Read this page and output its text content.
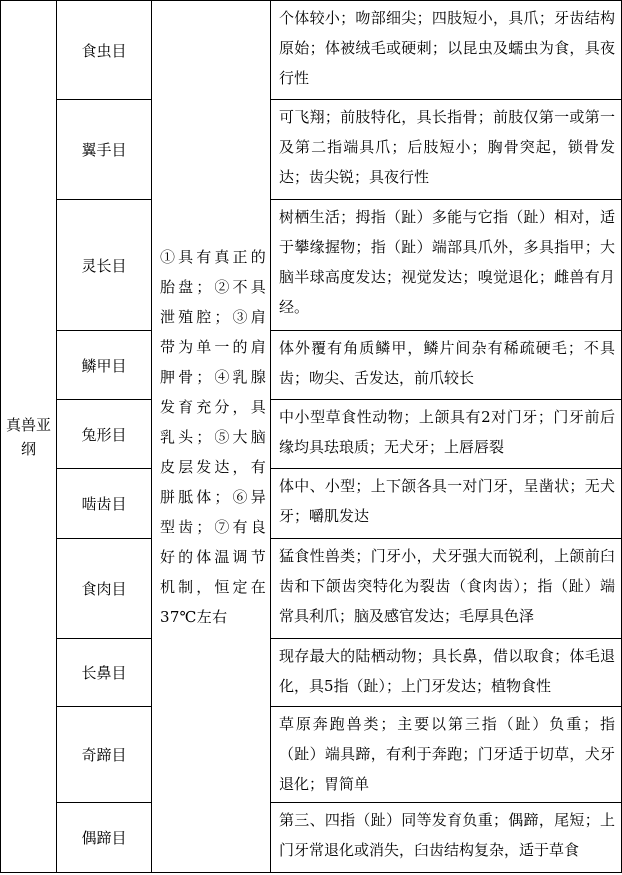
真兽亚纲	食虫目	①具有真正的胎盘；②不具泄殖腔；③肩带为单一的肩胛骨；④乳腺发育充分，具乳头；⑤大脑皮层发达，有胼胝体；⑥异型齿；⑦有良好的体温调节机制，恒定在37℃左右	个体较小；吻部细尖；四肢短小，具爪；牙齿结构原始；体被绒毛或硬刺；以昆虫及蠕虫为食，具夜行性
	翼手目		可飞翔；前肢特化，具长指骨；前肢仅第一或第一及第二指端具爪；后肢短小；胸骨突起，锁骨发达；齿尖锐；具夜行性
	灵长目		树栖生活；拇指（趾）多能与它指（趾）相对，适于攀缘握物；指（趾）端部具爪外，多具指甲；大脑半球高度发达；视觉发达；嗅觉退化；雌兽有月经。
	鳞甲目		体外覆有角质鳞甲，鳞片间杂有稀疏硬毛；不具齿；吻尖、舌发达，前爪较长
	兔形目		中小型草食性动物；上颌具有2对门牙；门牙前后缘均具珐琅质；无犬牙；上唇唇裂
	啮齿目		体中、小型；上下颌各具一对门牙，呈凿状；无犬牙；嚼肌发达
	食肉目		猛食性兽类；门牙小，犬牙强大而锐利，上颌前臼齿和下颌齿突特化为裂齿（食肉齿）；指（趾）端常具利爪；脑及感官发达；毛厚具色泽
	长鼻目		现存最大的陆栖动物；具长鼻，借以取食；体毛退化，具5指（趾）；上门牙发达；植物食性
	奇蹄目		草原奔跑兽类；主要以第三指（趾）负重；指（趾）端具蹄，有利于奔跑；门牙适于切草，犬牙退化；胃简单
	偶蹄目		第三、四指（趾）同等发育负重；偶蹄，尾短；上门牙常退化或消失，臼齿结构复杂，适于草食
